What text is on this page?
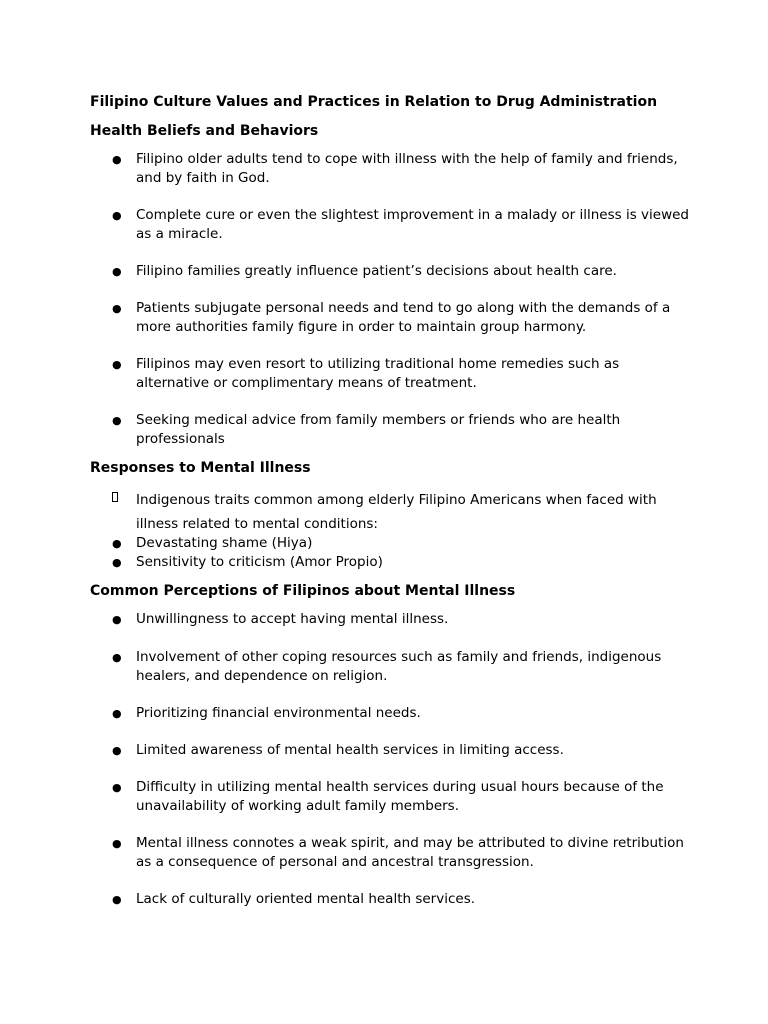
Filipino Culture Values and Practices in Relation to Drug Administration
Health Beliefs and Behaviors
●	Filipino older adults tend to cope with illness with the help of family and friends, and by faith in God.
●	Complete cure or even the slightest improvement in a malady or illness is viewed as a miracle.
●	Filipino families greatly influence patient’s decisions about health care.
●	Patients subjugate personal needs and tend to go along with the demands of a more authorities family figure in order to maintain group harmony.
●	Filipinos may even resort to utilizing traditional home remedies such as alternative or complimentary means of treatment.
●	Seeking medical advice from family members or friends who are health professionals
Responses to Mental Illness
Indigenous traits common among elderly Filipino Americans when faced with illness related to mental conditions:
●	Devastating shame (Hiya)
●	Sensitivity to criticism (Amor Propio)
Common Perceptions of Filipinos about Mental Illness
●	Unwillingness to accept having mental illness.
●	Involvement of other coping resources such as family and friends, indigenous healers, and dependence on religion.
●	Prioritizing financial environmental needs.
●	Limited awareness of mental health services in limiting access.
●	Difficulty in utilizing mental health services during usual hours because of the unavailability of working adult family members.
●	Mental illness connotes a weak spirit, and may be attributed to divine retribution as a consequence of personal and ancestral transgression.
●	Lack of culturally oriented mental health services.
